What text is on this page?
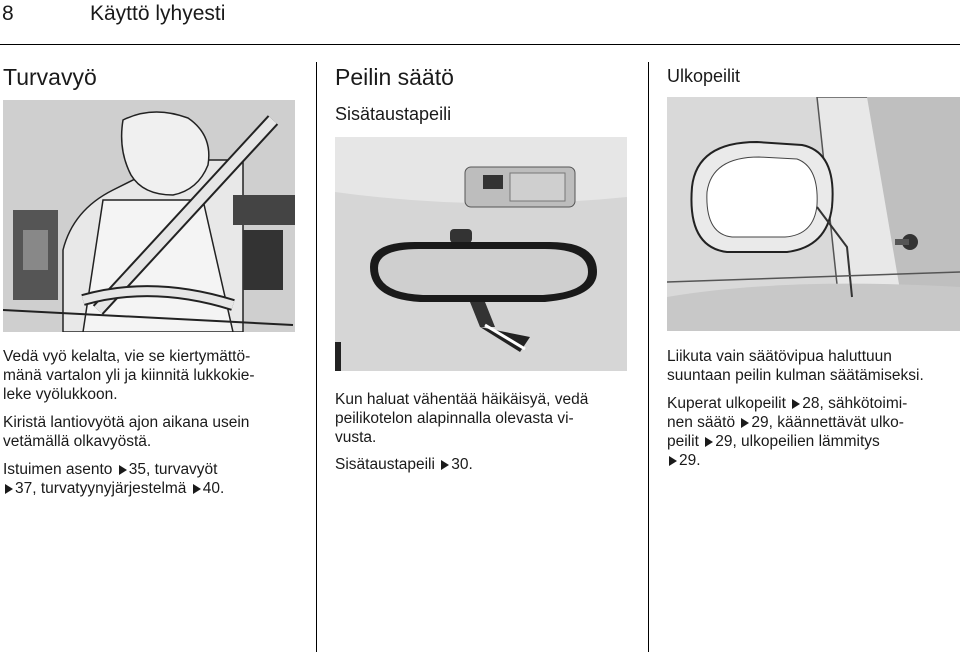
8	Käyttö lyhyesti
Turvavyö

Vedä vyö kelalta, vie se kiertymättö-
mänä vartalon yli ja kiinnitä lukkokie-
leke vyölukkoon.

Kiristä lantiovyötä ajon aikana usein
vetämällä olkavyöstä.

Istuimen asento 35, turvavyöt
37, turvatyynyjärjestelmä 40.

Peilin säätö
Sisätaustapeili

Kun haluat vähentää häikäisyä, vedä
peilikotelon alapinnalla olevasta vi-
vusta.

Sisätaustapeili 30.

Ulkopeilit

Liikuta vain säätövipua haluttuun
suuntaan peilin kulman säätämiseksi.

Kuperat ulkopeilit 28, sähkötoimi-
nen säätö 29, käännettävät ulko-
peilit 29, ulkopeilien lämmitys
29.
